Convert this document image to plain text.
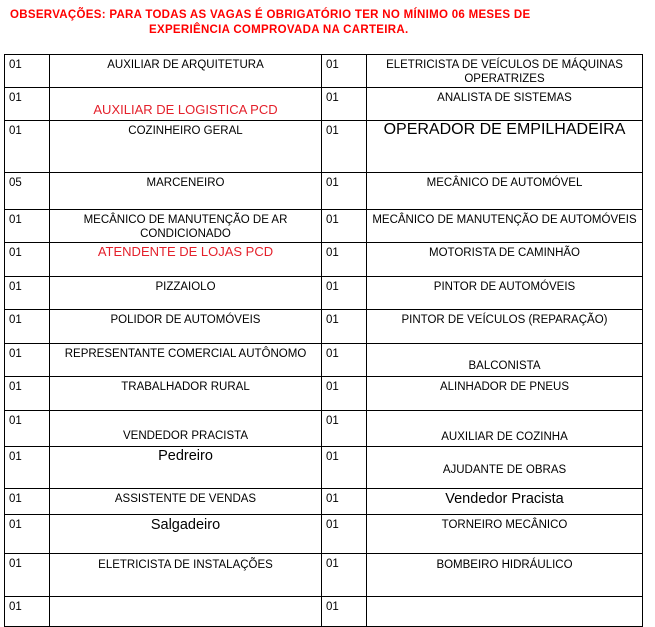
OBSERVAÇÕES: PARA TODAS AS VAGAS É OBRIGATÓRIO TER NO MÍNIMO 06 MESES DE
EXPERIÊNCIA COMPROVADA NA CARTEIRA.
01	AUXILIAR DE ARQUITETURA	01	ELETRICISTA DE VEÍCULOS DE MÁQUINAS OPERATRIZES

01	AUXILIAR DE LOGISTICA PCD	01	ANALISTA DE SISTEMAS

01	COZINHEIRO GERAL	01	OPERADOR DE EMPILHADEIRA

05	MARCENEIRO	01	MECÂNICO DE AUTOMÓVEL

01	MECÂNICO DE MANUTENÇÃO DE AR CONDICIONADO	01	MECÂNICO DE MANUTENÇÃO DE AUTOMÓVEIS

01	ATENDENTE DE LOJAS PCD	01	MOTORISTA DE CAMINHÃO

01	PIZZAIOLO	01	PINTOR DE AUTOMÓVEIS

01	POLIDOR DE AUTOMÓVEIS	01	PINTOR DE VEÍCULOS (REPARAÇÃO)

01	REPRESENTANTE COMERCIAL AUTÔNOMO	01	BALCONISTA

01	TRABALHADOR RURAL	01	ALINHADOR DE PNEUS

01	VENDEDOR PRACISTA	01	AUXILIAR DE COZINHA

01	Pedreiro	01	AJUDANTE DE OBRAS

01	ASSISTENTE DE VENDAS	01	Vendedor Pracista

01	Salgadeiro	01	TORNEIRO MECÂNICO

01	ELETRICISTA DE INSTALAÇÕES	01	BOMBEIRO HIDRÁULICO

01		01	
